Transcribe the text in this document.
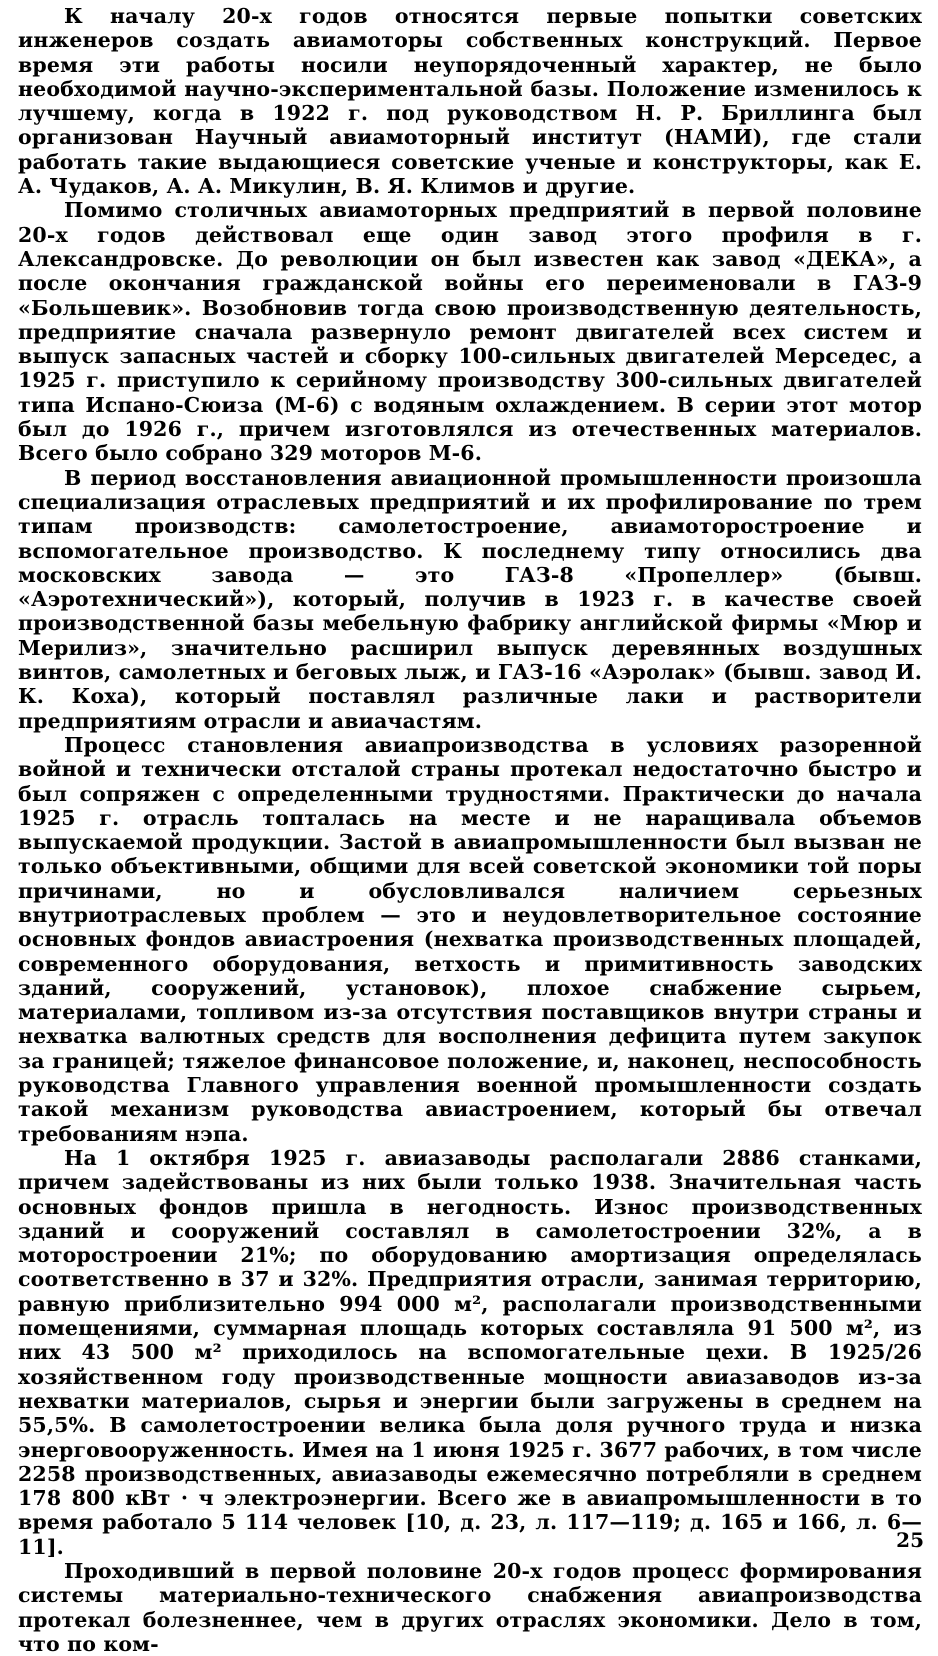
К началу 20-х годов относятся первые попытки советских инженеров создать авиамоторы собственных конструкций. Первое время эти работы носили неупорядоченный характер, не было необходимой научно-экспериментальной базы. Положение изменилось к лучшему, когда в 1922 г. под руководством Н. Р. Бриллинга был организован Научный авиамоторный институт (НАМИ), где стали работать такие выдающиеся советские ученые и конструкторы, как Е. А. Чудаков, А. А. Микулин, В. Я. Климов и другие.

Помимо столичных авиамоторных предприятий в первой половине 20-х годов действовал еще один завод этого профиля в г. Александровске. До революции он был известен как завод «ДЕКА», а после окончания гражданской войны его переименовали в ГАЗ-9 «Большевик». Возобновив тогда свою производственную деятельность, предприятие сначала развернуло ремонт двигателей всех систем и выпуск запасных частей и сборку 100-сильных двигателей Мерседес, а 1925 г. приступило к серийному производству 300-сильных двигателей типа Испано-Сюиза (М-6) с водяным охлаждением. В серии этот мотор был до 1926 г., причем изготовлялся из отечественных материалов. Всего было собрано 329 моторов М-6.

В период восстановления авиационной промышленности произошла специализация отраслевых предприятий и их профилирование по трем типам производств: самолетостроение, авиамоторостроение и вспомогательное производство. К последнему типу относились два московских завода — это ГАЗ-8 «Пропеллер» (бывш. «Аэротехнический»), который, получив в 1923 г. в качестве своей производственной базы мебельную фабрику английской фирмы «Мюр и Мерилиз», значительно расширил выпуск деревянных воздушных винтов, самолетных и беговых лыж, и ГАЗ-16 «Аэролак» (бывш. завод И. К. Коха), который поставлял различные лаки и растворители предприятиям отрасли и авиачастям.

Процесс становления авиапроизводства в условиях разоренной войной и технически отсталой страны протекал недостаточно быстро и был сопряжен с определенными трудностями. Практически до начала 1925 г. отрасль топталась на месте и не наращивала объемов выпускаемой продукции. Застой в авиапромышленности был вызван не только объективными, общими для всей советской экономики той поры причинами, но и обусловливался наличием серьезных внутриотраслевых проблем — это и неудовлетворительное состояние основных фондов авиастроения (нехватка производственных площадей, современного оборудования, ветхость и примитивность заводских зданий, сооружений, установок), плохое снабжение сырьем, материалами, топливом из-за отсутствия поставщиков внутри страны и нехватка валютных средств для восполнения дефицита путем закупок за границей; тяжелое финансовое положение, и, наконец, неспособность руководства Главного управления военной промышленности создать такой механизм руководства авиастроением, который бы отвечал требованиям нэпа.

На 1 октября 1925 г. авиазаводы располагали 2886 станками, причем задействованы из них были только 1938. Значительная часть основных фондов пришла в негодность. Износ производственных зданий и сооружений составлял в самолетостроении 32%, а в моторостроении 21%; по оборудованию амортизация определялась соответственно в 37 и 32%. Предприятия отрасли, занимая территорию, равную приблизительно 994 000 м², располагали производственными помещениями, суммарная площадь которых составляла 91 500 м², из них 43 500 м² приходилось на вспомогательные цехи. В 1925/26 хозяйственном году производственные мощности авиазаводов из-за нехватки материалов, сырья и энергии были загружены в среднем на 55,5%. В самолетостроении велика была доля ручного труда и низка энерговооруженность. Имея на 1 июня 1925 г. 3677 рабочих, в том числе 2258 производственных, авиазаводы ежемесячно потребляли в среднем 178 800 кВт · ч электроэнергии. Всего же в авиапромышленности в то время работало 5 114 человек [10, д. 23, л. 117—119; д. 165 и 166, л. 6—11].

Проходивший в первой половине 20-х годов процесс формирования системы материально-технического снабжения авиапроизводства протекал болезненнее, чем в других отраслях экономики. Дело в том, что по ком-

25
